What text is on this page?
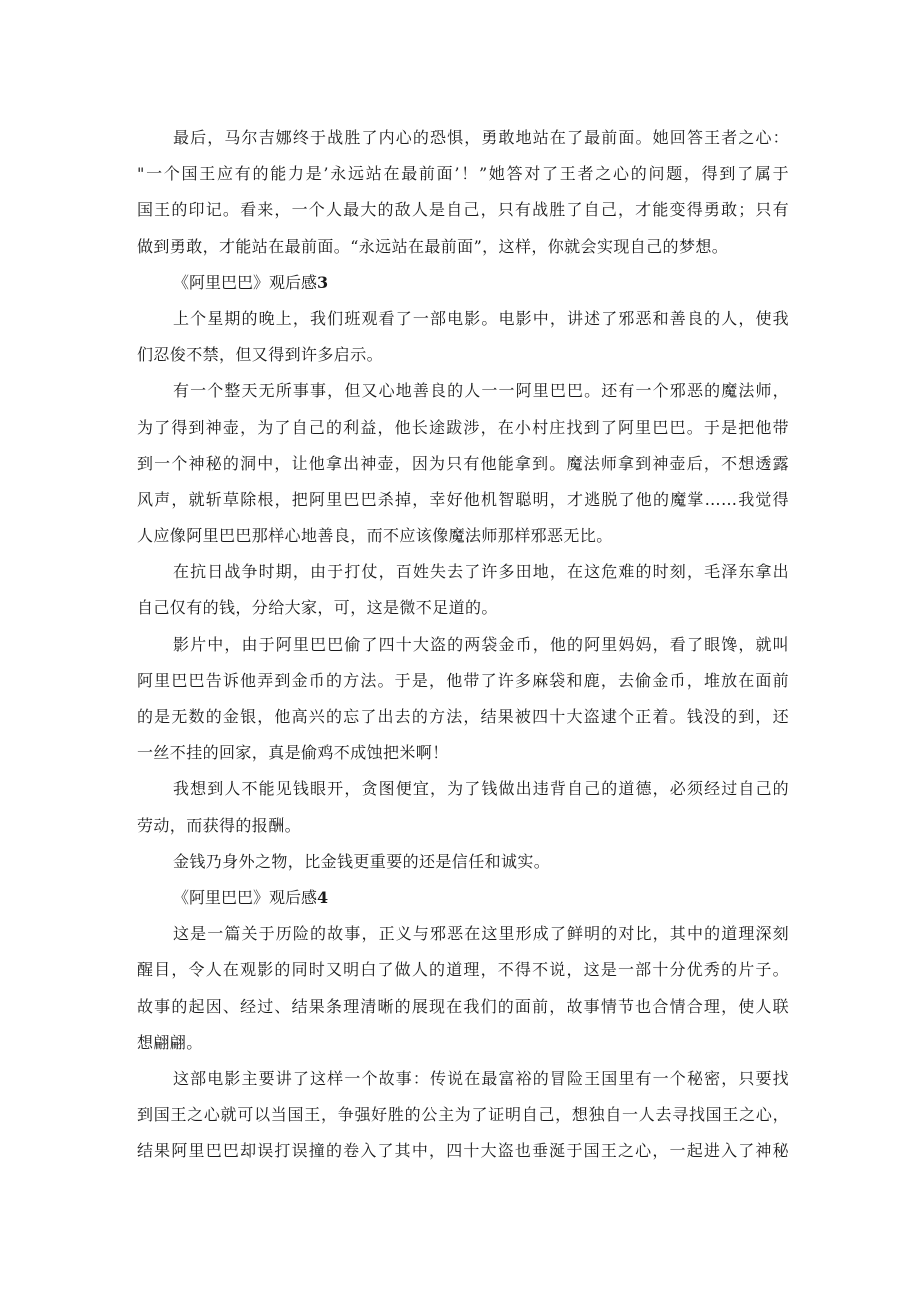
最后，马尔吉娜终于战胜了内心的恐惧，勇敢地站在了最前面。她回答王者之心：
"一个国王应有的能力是’永远站在最前面’！”她答对了王者之心的问题，得到了属于
国王的印记。看来，一个人最大的敌人是自己，只有战胜了自己，才能变得勇敢；只有
做到勇敢，才能站在最前面。“永远站在最前面”，这样，你就会实现自己的梦想。
《阿里巴巴》观后感3
上个星期的晚上，我们班观看了一部电影。电影中，讲述了邪恶和善良的人，使我
们忍俊不禁，但又得到许多启示。
有一个整天无所事事，但又心地善良的人一一阿里巴巴。还有一个邪恶的魔法师，
为了得到神壶，为了自己的利益，他长途跋涉，在小村庄找到了阿里巴巴。于是把他带
到一个神秘的洞中，让他拿出神壶，因为只有他能拿到。魔法师拿到神壶后，不想透露
风声，就斩草除根，把阿里巴巴杀掉，幸好他机智聪明，才逃脱了他的魔掌……我觉得
人应像阿里巴巴那样心地善良，而不应该像魔法师那样邪恶无比。
在抗日战争时期，由于打仗，百姓失去了许多田地，在这危难的时刻，毛泽东拿出
自己仅有的钱，分给大家，可，这是微不足道的。
影片中，由于阿里巴巴偷了四十大盗的两袋金币，他的阿里妈妈，看了眼馋，就叫
阿里巴巴告诉他弄到金币的方法。于是，他带了许多麻袋和鹿，去偷金币，堆放在面前
的是无数的金银，他高兴的忘了出去的方法，结果被四十大盗逮个正着。钱没的到，还
一丝不挂的回家，真是偷鸡不成蚀把米啊！
我想到人不能见钱眼开，贪图便宜，为了钱做出违背自己的道德，必须经过自己的
劳动，而获得的报酬。
金钱乃身外之物，比金钱更重要的还是信任和诚实。
《阿里巴巴》观后感4
这是一篇关于历险的故事，正义与邪恶在这里形成了鲜明的对比，其中的道理深刻
醒目，令人在观影的同时又明白了做人的道理，不得不说，这是一部十分优秀的片子。
故事的起因、经过、结果条理清晰的展现在我们的面前，故事情节也合情合理，使人联
想翩翩。
这部电影主要讲了这样一个故事：传说在最富裕的冒险王国里有一个秘密，只要找
到国王之心就可以当国王，争强好胜的公主为了证明自己，想独自一人去寻找国王之心，
结果阿里巴巴却误打误撞的卷入了其中，四十大盗也垂涎于国王之心，一起进入了神秘
